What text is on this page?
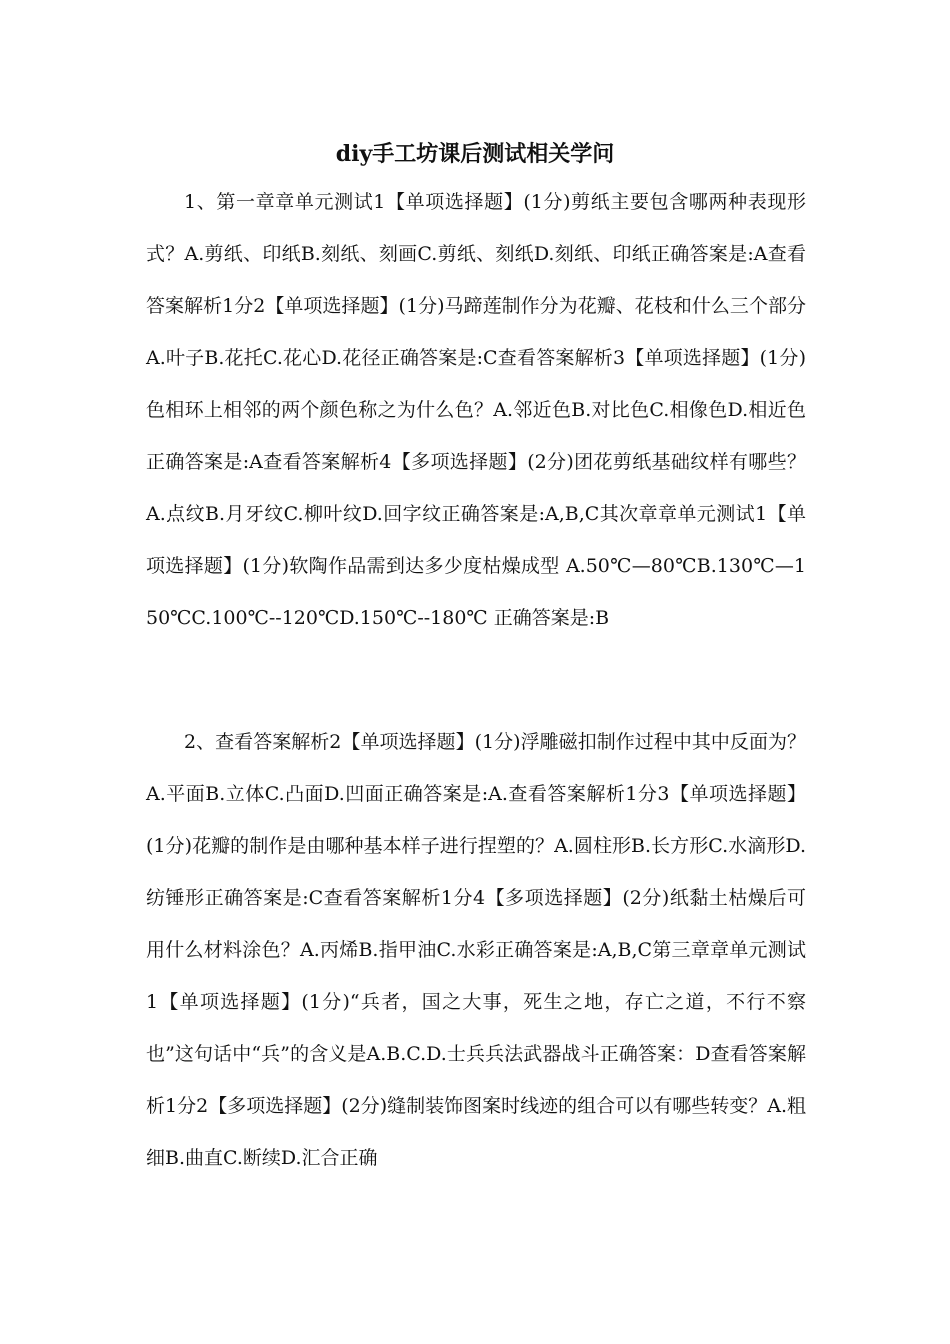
diy手工坊课后测试相关学问

1、第一章章单元测试1【单项选择题】(1分)剪纸主要包含哪两种表现形式？A.剪纸、印纸B.刻纸、刻画C.剪纸、刻纸D.刻纸、印纸正确答案是:A查看答案解析1分2【单项选择题】(1分)马蹄莲制作分为花瓣、花枝和什么三个部分A.叶子B.花托C.花心D.花径正确答案是:C查看答案解析3【单项选择题】(1分)色相环上相邻的两个颜色称之为什么色？A.邻近色B.对比色C.相像色D.相近色正确答案是:A查看答案解析4【多项选择题】(2分)团花剪纸基础纹样有哪些？A.点纹B.月牙纹C.柳叶纹D.回字纹正确答案是:A,B,C其次章章单元测试1【单项选择题】(1分)软陶作品需到达多少度枯燥成型 A.50℃—80℃B.130℃—150℃C.100℃--120℃D.150℃--180℃ 正确答案是:B

2、查看答案解析2【单项选择题】(1分)浮雕磁扣制作过程中其中反面为？A.平面B.立体C.凸面D.凹面正确答案是:A.查看答案解析1分3【单项选择题】(1分)花瓣的制作是由哪种基本样子进行捏塑的？A.圆柱形B.长方形C.水滴形D.纺锤形正确答案是:C查看答案解析1分4【多项选择题】(2分)纸黏土枯燥后可用什么材料涂色？A.丙烯B.指甲油C.水彩正确答案是:A,B,C第三章章单元测试1【单项选择题】(1分)“兵者，国之大事，死生之地，存亡之道，不行不察也”这句话中“兵”的含义是A.B.C.D.士兵兵法武器战斗正确答案：D查看答案解析1分2【多项选择题】(2分)缝制装饰图案时线迹的组合可以有哪些转变？A.粗细B.曲直C.断续D.汇合正确
